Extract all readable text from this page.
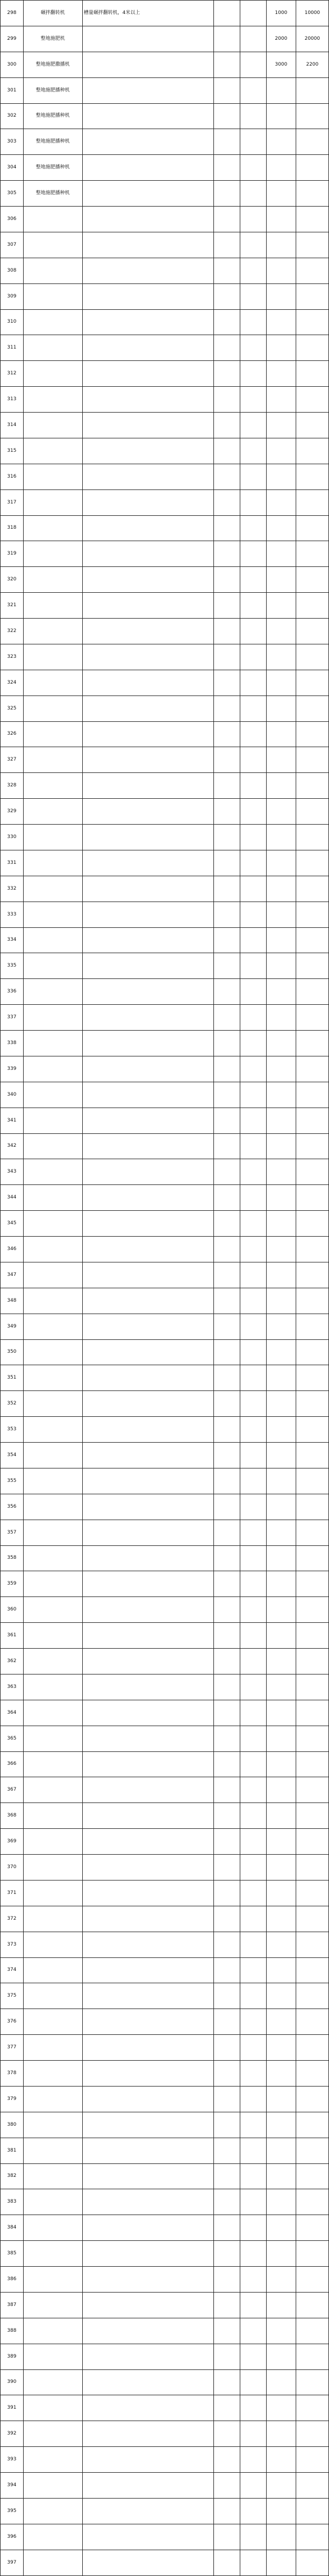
298	碾拌翻转机	槽量碾拌翻转机，4米以上			1000	10000
299	整地施肥机				2000	20000
300	整地施肥撒播机				3000	2200
301	整地施肥播种机					
302	整地施肥播种机					
303	整地施肥播种机					
304	整地施肥播种机					
305	整地施肥播种机					
306						
307						
308						
309						
310						
311						
312						
313						
314						
315						
316						
317						
318						
319						
320						
321						
322						
323						
324						
325						
326						
327						
328						
329						
330						
331						
332						
333						
334						
335						
336						
337						
338						
339						
340						
341						
342						
343						
344						
345						
346						
347						
348						
349						
350						
351						
352						
353						
354						
355						
356						
357						
358						
359						
360						
361						
362						
363						
364						
365						
366						
367						
368						
369						
370						
371						
372						
373						
374						
375						
376						
377						
378						
379						
380						
381						
382						
383						
384						
385						
386						
387						
388						
389						
390						
391						
392						
393						
394						
395						
396						
397						
